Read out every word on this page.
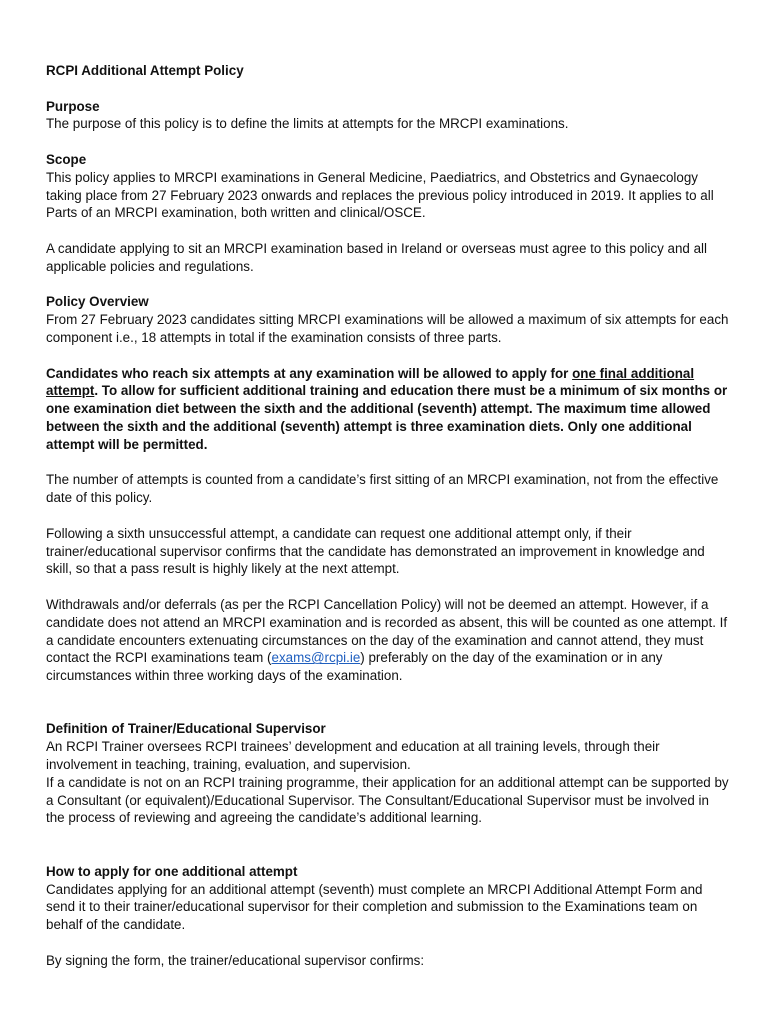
RCPI Additional Attempt Policy

Purpose

The purpose of this policy is to define the limits at attempts for the MRCPI examinations.

Scope

This policy applies to MRCPI examinations in General Medicine, Paediatrics, and Obstetrics and Gynaecology taking place from 27 February 2023 onwards and replaces the previous policy introduced in 2019. It applies to all Parts of an MRCPI examination, both written and clinical/OSCE.

A candidate applying to sit an MRCPI examination based in Ireland or overseas must agree to this policy and all applicable policies and regulations.

Policy Overview

From 27 February 2023 candidates sitting MRCPI examinations will be allowed a maximum of six attempts for each component i.e., 18 attempts in total if the examination consists of three parts.

Candidates who reach six attempts at any examination will be allowed to apply for one final additional attempt. To allow for sufficient additional training and education there must be a minimum of six months or one examination diet between the sixth and the additional (seventh) attempt. The maximum time allowed between the sixth and the additional (seventh) attempt is three examination diets. Only one additional attempt will be permitted.

The number of attempts is counted from a candidate’s first sitting of an MRCPI examination, not from the effective date of this policy.

Following a sixth unsuccessful attempt, a candidate can request one additional attempt only, if their trainer/educational supervisor confirms that the candidate has demonstrated an improvement in knowledge and skill, so that a pass result is highly likely at the next attempt.

Withdrawals and/or deferrals (as per the RCPI Cancellation Policy) will not be deemed an attempt. However, if a candidate does not attend an MRCPI examination and is recorded as absent, this will be counted as one attempt. If a candidate encounters extenuating circumstances on the day of the examination and cannot attend, they must contact the RCPI examinations team (exams@rcpi.ie) preferably on the day of the examination or in any circumstances within three working days of the examination.

Definition of Trainer/Educational Supervisor

An RCPI Trainer oversees RCPI trainees’ development and education at all training levels, through their involvement in teaching, training, evaluation, and supervision.

If a candidate is not on an RCPI training programme, their application for an additional attempt can be supported by a Consultant (or equivalent)/Educational Supervisor. The Consultant/Educational Supervisor must be involved in the process of reviewing and agreeing the candidate’s additional learning.

How to apply for one additional attempt

Candidates applying for an additional attempt (seventh) must complete an MRCPI Additional Attempt Form and send it to their trainer/educational supervisor for their completion and submission to the Examinations team on behalf of the candidate.

By signing the form, the trainer/educational supervisor confirms:
